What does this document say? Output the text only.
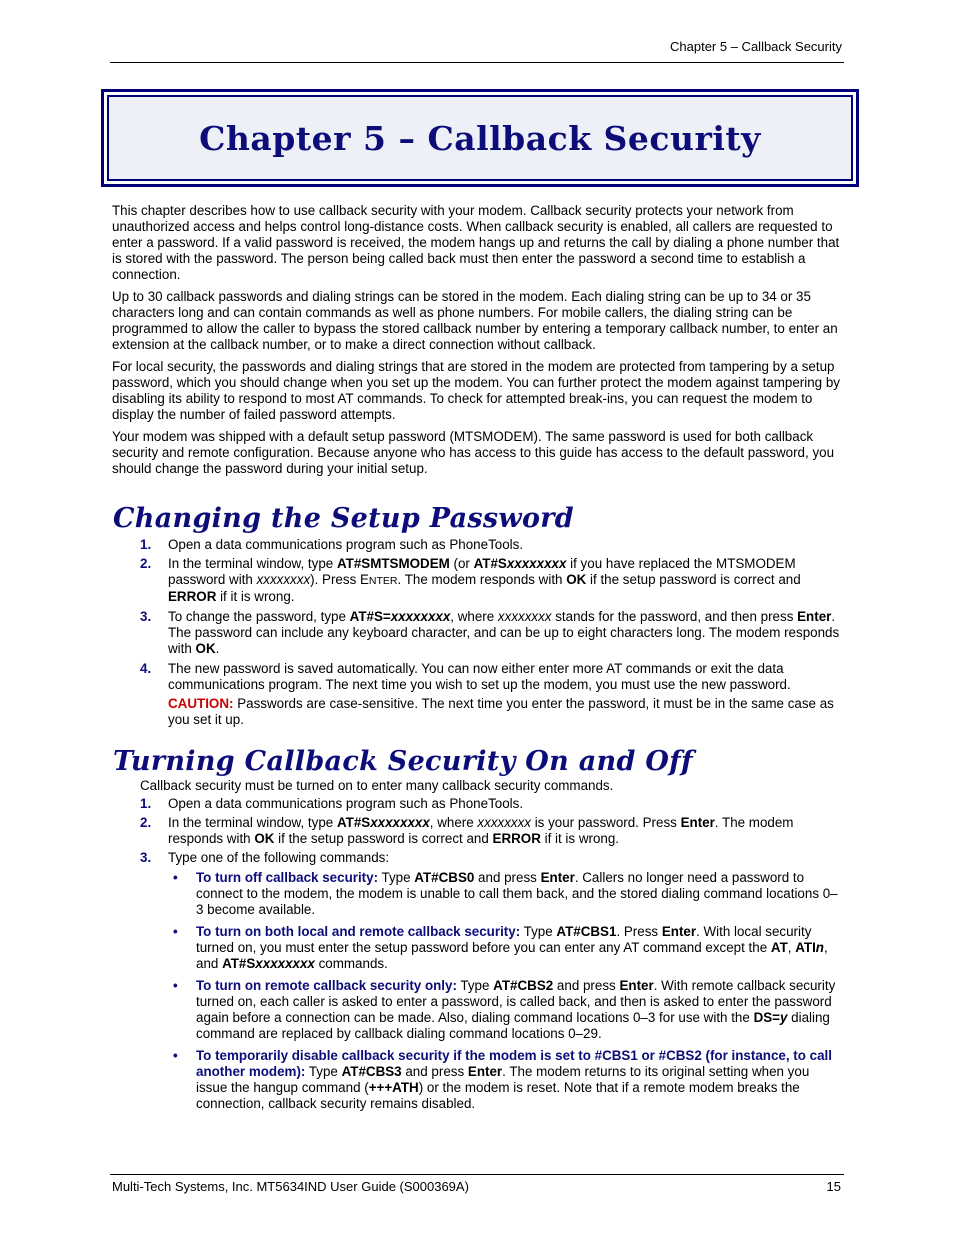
Chapter 5 – Callback Security
Chapter 5 – Callback Security

This chapter describes how to use callback security with your modem. Callback security protects your network from unauthorized access and helps control long-distance costs. When callback security is enabled, all callers are requested to enter a password. If a valid password is received, the modem hangs up and returns the call by dialing a phone number that is stored with the password. The person being called back must then enter the password a second time to establish a connection.

Up to 30 callback passwords and dialing strings can be stored in the modem. Each dialing string can be up to 34 or 35 characters long and can contain commands as well as phone numbers. For mobile callers, the dialing string can be programmed to allow the caller to bypass the stored callback number by entering a temporary callback number, to enter an extension at the callback number, or to make a direct connection without callback.

For local security, the passwords and dialing strings that are stored in the modem are protected from tampering by a setup password, which you should change when you set up the modem. You can further protect the modem against tampering by disabling its ability to respond to most AT commands. To check for attempted break-ins, you can request the modem to display the number of failed password attempts.

Your modem was shipped with a default setup password (MTSMODEM). The same password is used for both callback security and remote configuration. Because anyone who has access to this guide has access to the default password, you should change the password during your initial setup.

Changing the Setup Password
1. Open a data communications program such as PhoneTools.
2. In the terminal window, type AT#SMTSMODEM (or AT#Sxxxxxxxx if you have replaced the MTSMODEM password with xxxxxxxx). Press ENTER. The modem responds with OK if the setup password is correct and ERROR if it is wrong.
3. To change the password, type AT#S=xxxxxxxx, where xxxxxxxx stands for the password, and then press Enter. The password can include any keyboard character, and can be up to eight characters long. The modem responds with OK.
4. The new password is saved automatically. You can now either enter more AT commands or exit the data communications program. The next time you wish to set up the modem, you must use the new password.
CAUTION: Passwords are case-sensitive. The next time you enter the password, it must be in the same case as you set it up.
Turning Callback Security On and Off
Callback security must be turned on to enter many callback security commands.
1. Open a data communications program such as PhoneTools.
2. In the terminal window, type AT#Sxxxxxxxx, where xxxxxxxx is your password. Press Enter. The modem responds with OK if the setup password is correct and ERROR if it is wrong.
3. Type one of the following commands:
• To turn off callback security: Type AT#CBS0 and press Enter. Callers no longer need a password to connect to the modem, the modem is unable to call them back, and the stored dialing command locations 0–3 become available.
• To turn on both local and remote callback security: Type AT#CBS1. Press Enter. With local security turned on, you must enter the setup password before you can enter any AT command except the AT, ATIn, and AT#Sxxxxxxxx commands.
• To turn on remote callback security only: Type AT#CBS2 and press Enter. With remote callback security turned on, each caller is asked to enter a password, is called back, and then is asked to enter the password again before a connection can be made. Also, dialing command locations 0–3 for use with the DS=y dialing command are replaced by callback dialing command locations 0–29.
• To temporarily disable callback security if the modem is set to #CBS1 or #CBS2 (for instance, to call another modem): Type AT#CBS3 and press Enter. The modem returns to its original setting when you issue the hangup command (+++ATH) or the modem is reset. Note that if a remote modem breaks the connection, callback security remains disabled.
Multi-Tech Systems, Inc. MT5634IND User Guide (S000369A)	15
